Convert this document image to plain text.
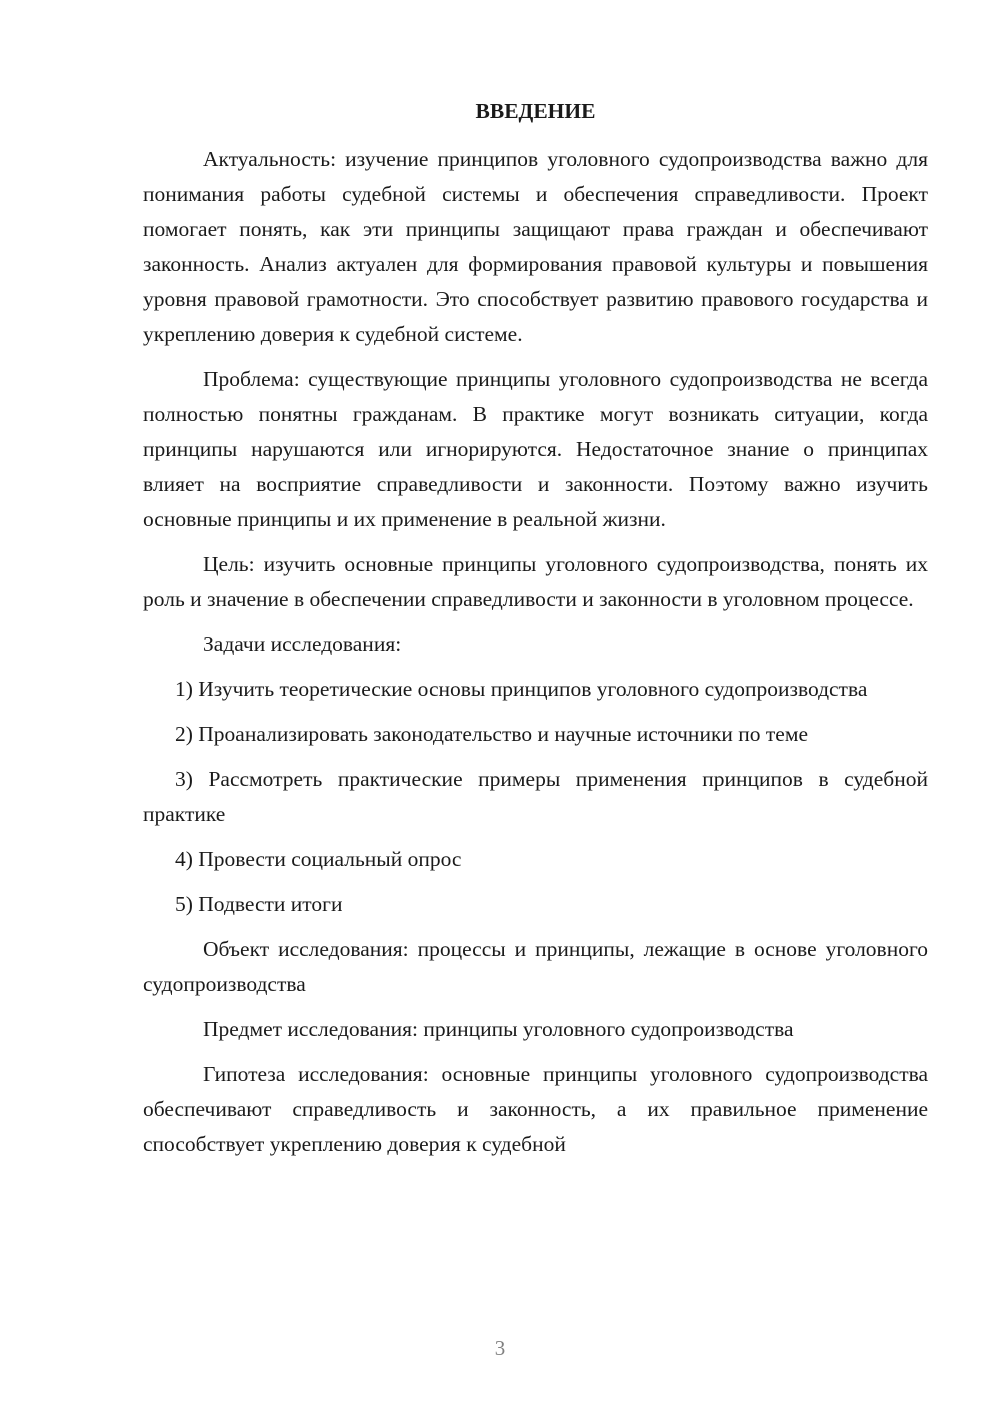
ВВЕДЕНИЕ

Актуальность: изучение принципов уголовного судопроизводства важно для понимания работы судебной системы и обеспечения справедливости. Проект помогает понять, как эти принципы защищают права граждан и обеспечивают законность. Анализ актуален для формирования правовой культуры и повышения уровня правовой грамотности. Это способствует развитию правового государства и укреплению доверия к судебной системе.

Проблема: существующие принципы уголовного судопроизводства не всегда полностью понятны гражданам. В практике могут возникать ситуации, когда принципы нарушаются или игнорируются. Недостаточное знание о принципах влияет на восприятие справедливости и законности. Поэтому важно изучить основные принципы и их применение в реальной жизни.

Цель: изучить основные принципы уголовного судопроизводства, понять их роль и значение в обеспечении справедливости и законности в уголовном процессе.

Задачи исследования:

1) Изучить теоретические основы принципов уголовного судопроизводства

2) Проанализировать законодательство и научные источники по теме

3) Рассмотреть практические примеры применения принципов в судебной практике

4) Провести социальный опрос

5) Подвести итоги

Объект исследования: процессы и принципы, лежащие в основе уголовного судопроизводства

Предмет исследования: принципы уголовного судопроизводства

Гипотеза исследования: основные принципы уголовного судопроизводства обеспечивают справедливость и законность, а их правильное применение способствует укреплению доверия к судебной

3
